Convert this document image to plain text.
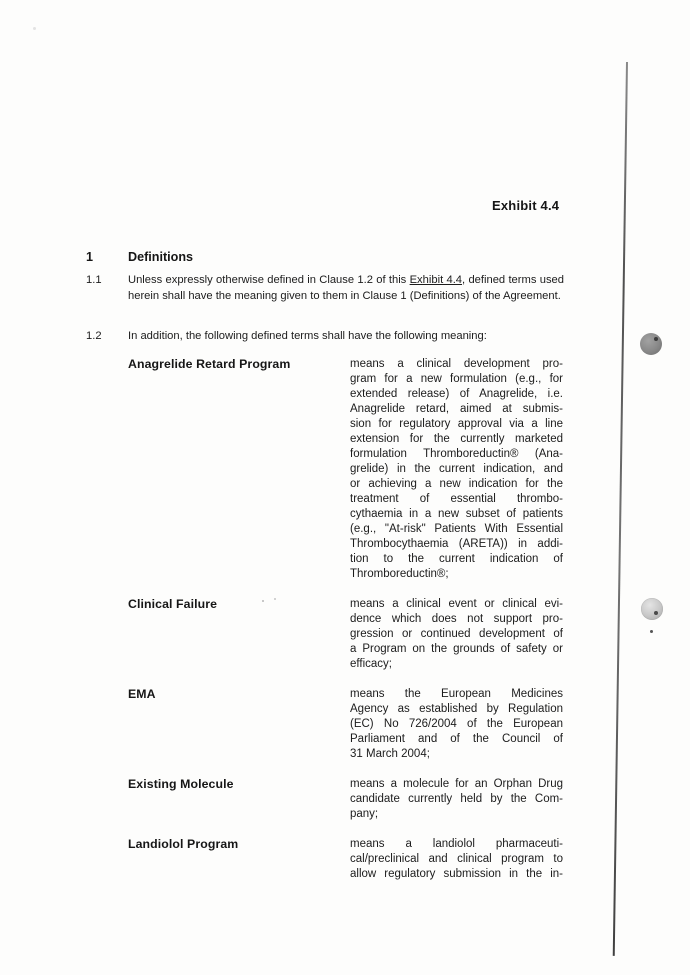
Exhibit 4.4
1	Definitions
1.1	Unless expressly otherwise defined in Clause 1.2 of this Exhibit 4.4, defined terms used herein shall have the meaning given to them in Clause 1 (Definitions) of the Agreement.

1.2	In addition, the following defined terms shall have the following meaning:

Anagrelide Retard Program	means a clinical development pro-
gram for a new formulation (e.g., for
extended release) of Anagrelide, i.e.
Anagrelide retard, aimed at submis-
sion for regulatory approval via a line
extension for the currently marketed
formulation Thromboreductin® (Ana-
grelide) in the current indication, and
or achieving a new indication for the
treatment of essential thrombo-
cythaemia in a new subset of patients
(e.g., "At-risk" Patients With Essential
Thrombocythaemia (ARETA)) in addi-
tion to the current indication of
Thromboreductin®;
Clinical Failure	means a clinical event or clinical evi-
dence which does not support pro-
gression or continued development of
a Program on the grounds of safety or
efficacy;
EMA	means the European Medicines
Agency as established by Regulation
(EC) No 726/2004 of the European
Parliament and of the Council of
31 March 2004;
Existing Molecule	means a molecule for an Orphan Drug
candidate currently held by the Com-
pany;
Landiolol Program	means a landiolol pharmaceuti-
cal/preclinical and clinical program to
allow regulatory submission in the in-
